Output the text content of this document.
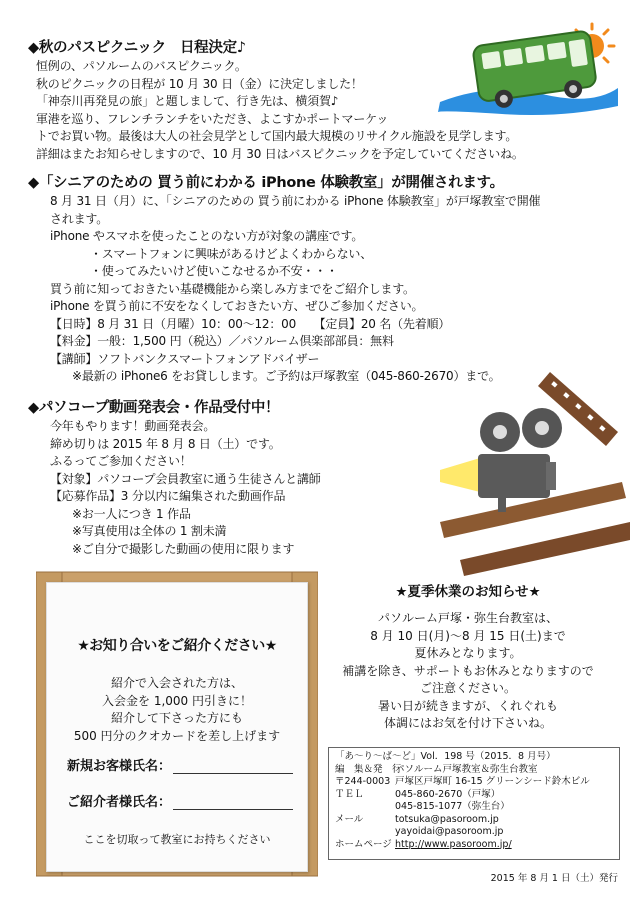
◆秋のパスピクニック　日程決定♪
恒例の、パソルームのバスピクニック。
秋のピクニックの日程が 10 月 30 日（金）に決定しました！
「神奈川再発見の旅」と題しまして、行き先は、横須賀♪
軍港を巡り、フレンチランチをいただき、よこすかポートマーケッ
トでお買い物。最後は大人の社会見学として国内最大規模のリサイクル施設を見学します。
詳細はまたお知らせしますので、10 月 30 日はバスピクニックを予定していてくださいね。
◆「シニアのための 買う前にわかる iPhone 体験教室」が開催されます。
8 月 31 日（月）に、「シニアのための 買う前にわかる iPhone 体験教室」が戸塚教室で開催
されます。
iPhone やスマホを使ったことのない方が対象の講座です。
・スマートフォンに興味があるけどよくわからない、
・使ってみたいけど使いこなせるか不安・・・
買う前に知っておきたい基礎機能から楽しみ方までをご紹介します。
iPhone を買う前に不安をなくしておきたい方、ぜひご参加ください。
【日時】8 月 31 日（月曜）10：00～12：00　　【定員】20 名（先着順）
【料金】一般：1,500 円（税込）／パソルーム倶楽部部員：無料
【講師】ソフトバンクスマートフォンアドバイザー
※最新の iPhone6 をお貸しします。ご予約は戸塚教室（045-860-2670）まで。
◆パソコープ動画発表会・作品受付中！
今年もやります！動画発表会。
締め切りは 2015 年 8 月 8 日（土）です。
ふるってご参加ください！
【対象】パソコープ会員教室に通う生徒さんと講師
【応募作品】3 分以内に編集された動画作品
※お一人につき 1 作品
※写真使用は全体の 1 割未満
※ご自分で撮影した動画の使用に限ります
★お知り合いをご紹介ください★
紹介で入会された方は、
入会金を 1,000 円引きに！
紹介して下さった方にも
500 円分のクオカードを差し上げます
新規お客様氏名：
ご紹介者様氏名：
ここを切取って教室にお持ちください
★夏季休業のお知らせ★
パソルーム戸塚・弥生台教室は、
8 月 10 日(月)～8 月 15 日(土)まで
夏休みとなります。
補講を除き、サポートもお休みとなりますので
ご注意ください。
暑い日が続きますが、くれぐれも
体調にはお気を付け下さいね。
「あ～り～ば～ど」Vol．198 号（2015．8 月号）
編　集＆発　行
パソルーム戸塚教室＆弥生台教室
〒244-0003 戸塚区戸塚町 16-15 グリーンシード鈴木ビル
ＴＥＬ	045-860-2670（戸塚）
045-815-1077（弥生台）
メール	totsuka@pasoroom.jp
yayoidai@pasoroom.jp
ホームページ http://www.pasoroom.jp/
2015 年 8 月 1 日（土）発行
